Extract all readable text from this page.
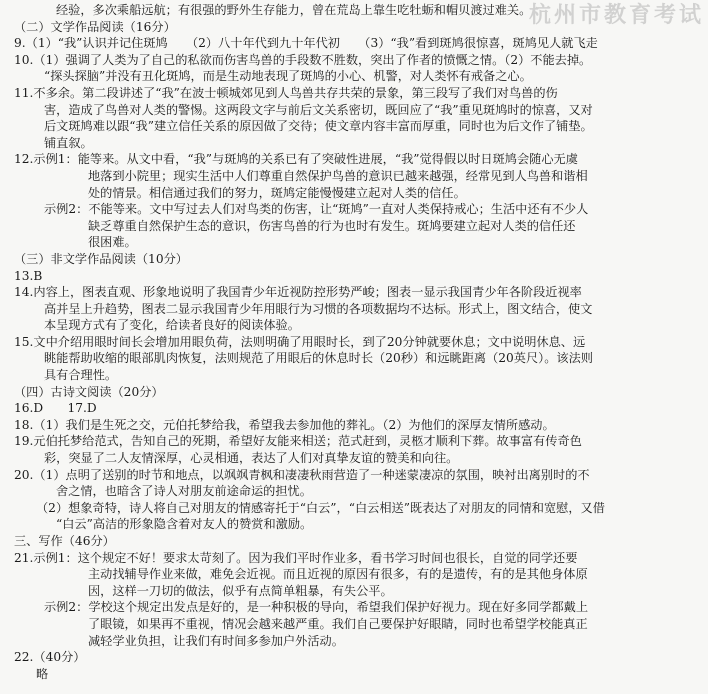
杭州市教育考试
经验，多次乘船远航；有很强的野外生存能力，曾在荒岛上靠生吃牡蛎和帽贝渡过难关。
（二）文学作品阅读（16分）
9.（1）“我”认识并记住斑鸠　　（2）八十年代到九十年代初　　（3）“我”看到斑鸠很惊喜，斑鸠见人就飞走
10.（1）强调了人类为了自己的私欲而伤害鸟兽的手段数不胜数，突出了作者的愤慨之情。（2）不能去掉。
“探头探脑”并没有丑化斑鸠，而是生动地表现了斑鸠的小心、机警，对人类怀有戒备之心。
11.不多余。第二段讲述了“我”在波士顿城郊见到人鸟兽共存共荣的景象，第三段写了我们对鸟兽的伤
害，造成了鸟兽对人类的警惕。这两段文字与前后文关系密切，既回应了“我”重见斑鸠时的惊喜，又对
后文斑鸠难以跟“我”建立信任关系的原因做了交待；使文章内容丰富而厚重，同时也为后文作了铺垫。
铺直叙。
12.示例1：能等来。从文中看，“我”与斑鸠的关系已有了突破性进展，“我”觉得假以时日斑鸠会随心无虞
地落到小院里；现实生活中人们尊重自然保护鸟兽的意识已越来越强，经常见到人鸟兽和谐相
处的情景。相信通过我们的努力，斑鸠定能慢慢建立起对人类的信任。
示例2：不能等来。文中写过去人们对鸟类的伤害，让“斑鸠”一直对人类保持戒心；生活中还有不少人
缺乏尊重自然保护生态的意识，伤害鸟兽的行为也时有发生。斑鸠要建立起对人类的信任还
很困难。
（三）非文学作品阅读（10分）
13.B
14.内容上，图表直观、形象地说明了我国青少年近视防控形势严峻；图表一显示我国青少年各阶段近视率
高并呈上升趋势，图表二显示我国青少年用眼行为习惯的各项数据均不达标。形式上，图文结合，使文
本呈现方式有了变化，给读者良好的阅读体验。
15.文中介绍用眼时间长会增加用眼负荷，法则明确了用眼时长，到了20分钟就要休息；文中说明休息、远
眺能帮助收缩的眼部肌肉恢复，法则规范了用眼后的休息时长（20秒）和远眺距离（20英尺）。该法则
具有合理性。
（四）古诗文阅读（20分）
16.D　　17.D
18.（1）我们是生死之交，元伯托梦给我，希望我去参加他的葬礼。（2）为他们的深厚友情所感动。
19.元伯托梦给范式，告知自己的死期，希望好友能来相送；范式赶到，灵柩才顺利下葬。故事富有传奇色
彩，突显了二人友情深厚，心灵相通，表达了人们对真挚友谊的赞美和向往。
20.（1）点明了送别的时节和地点，以飒飒青枫和凄凄秋雨营造了一种迷蒙凄凉的氛围，映衬出离别时的不
舍之情，也暗含了诗人对朋友前途命运的担忧。
（2）想象奇特，诗人将自己对朋友的情感寄托于“白云”，“白云相送”既表达了对朋友的同情和宽慰，又借
“白云”高洁的形象隐含着对友人的赞赏和激励。
三、写作（46分）
21.示例1：这个规定不好！要求太苛刻了。因为我们平时作业多，看书学习时间也很长，自觉的同学还要
主动找辅导作业来做，难免会近视。而且近视的原因有很多，有的是遗传，有的是其他身体原
因，这样一刀切的做法，似乎有点简单粗暴，有失公平。
示例2：学校这个规定出发点是好的，是一种积极的导向，希望我们保护好视力。现在好多同学都戴上
了眼镜，如果再不重视，情况会越来越严重。我们自己要保护好眼睛，同时也希望学校能真正
减轻学业负担，让我们有时间多参加户外活动。
22.（40分）
略
